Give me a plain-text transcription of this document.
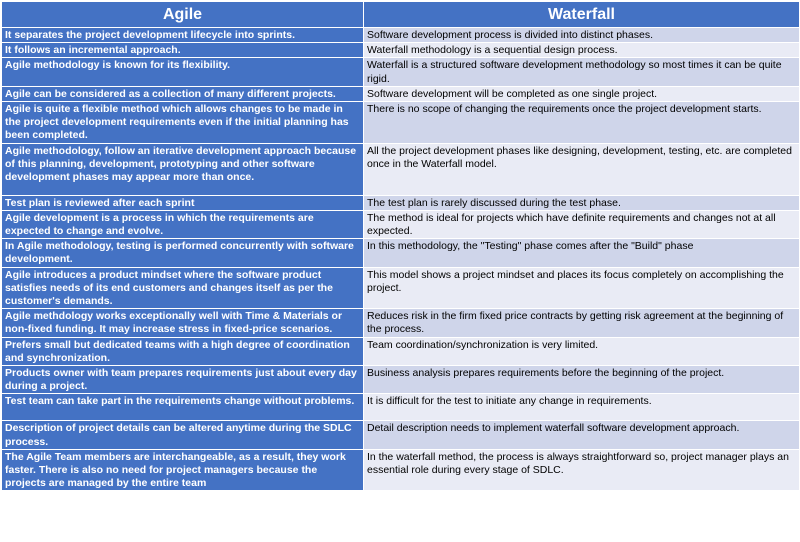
Agile	Waterfall
It separates the project development lifecycle into sprints.	Software development process is divided into distinct phases.
It follows an incremental approach.	Waterfall methodology is a sequential design process.
Agile methodology is known for its flexibility.	Waterfall is a structured software development methodology so most times it can be quite rigid.
Agile can be considered as a collection of many different projects.	Software development will be completed as one single project.
Agile is quite a flexible method which allows changes to be made in the project development requirements even if the initial planning has been completed.	There is no scope of changing the requirements once the project development starts.
Agile methodology, follow an iterative development approach because of this planning, development, prototyping and other software development phases may appear more than once.	All the project development phases like designing, development, testing, etc. are completed once in the Waterfall model.
Test plan is reviewed after each sprint	The test plan is rarely discussed during the test phase.
Agile development is a process in which the requirements are expected to change and evolve.	The method is ideal for projects which have definite requirements and changes not at all expected.
In Agile methodology, testing is performed concurrently with software development.	In this methodology, the "Testing" phase comes after the "Build" phase
Agile introduces a product mindset where the software product satisfies needs of its end customers and changes itself as per the customer's demands.	This model shows a project mindset and places its focus completely on accomplishing the project.
Agile methdology works exceptionally well with Time & Materials or non-fixed funding. It may increase stress in fixed-price scenarios.	Reduces risk in the firm fixed price contracts by getting risk agreement at the beginning of the process.
Prefers small but dedicated teams with a high degree of coordination and synchronization.	Team coordination/synchronization is very limited.
Products owner with team prepares requirements just about every day during a project.	Business analysis prepares requirements before the beginning of the project.
Test team can take part in the requirements change without problems.	It is difficult for the test to initiate any change in requirements.
Description of project details can be altered anytime during the SDLC process.	Detail description needs to implement waterfall software development approach.
The Agile Team members are interchangeable, as a result, they work faster. There is also no need for project managers because the projects are managed by the entire team	In the waterfall method, the process is always straightforward so, project manager plays an essential role during every stage of SDLC.
